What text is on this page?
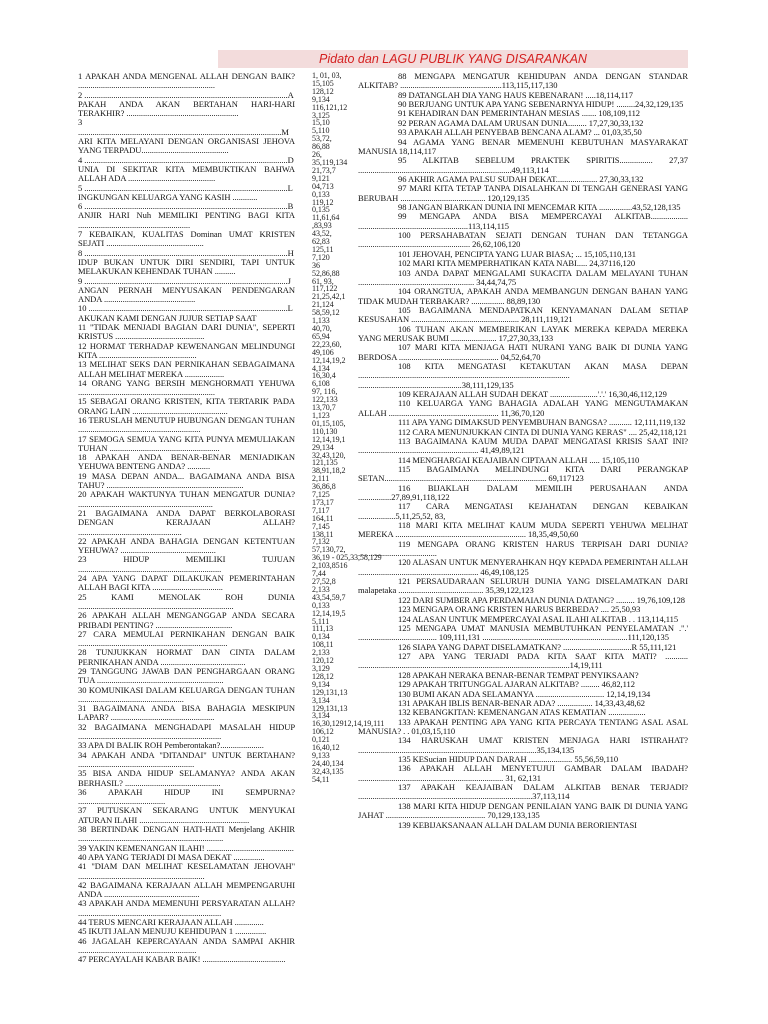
Pidato dan LAGU PUBLIK YANG DISARANKAN
1 APAKAH ANDA MENGENAL ALLAH DENGAN BAIK? ..................................................................
2 ..................................................................................................A
PAKAH ANDA AKAN BERTAHAN HARI-HARI TERAKHIR? ......................................................
3 ..................................................................................................M
ARI KITA MELAYANI DENGAN ORGANISASI JEHOVA YANG TERPADU..........................................
4 ..................................................................................................D
UNIA DI SEKITAR KITA MEMBUKTIKAN BAHWA ALLAH ADA ..........................................
5 ..................................................................................................L
INGKUNGAN KELUARGA YANG KASIH ............
6 ..................................................................................................B
ANJIR HARI Nuh MEMILIKI PENTING BAGI KITA ......................................................
7 KEBAIKAN, KUALITAS Dominan UMAT KRISTEN SEJATI ...............................................
8 ..................................................................................................H
IDUP BUKAN UNTUK DIRI SENDIRI, TAPI UNTUK MELAKUKAN KEHENDAK TUHAN ..........
9 ..................................................................................................J
ANGAN PERNAH MENYUSAKAN PENDENGARAN ANDA ............................................
10 ................................................................................................L
AKUKAN KAMI DENGAN JUJUR SETIAP SAAT
11 "TIDAK MENJADI BAGIAN DARI DUNIA", SEPERTI KRISTUS ...........................................
12 HORMAT TERHADAP KEWENANGAN MELINDUNGI KITA ...............................................
13 MELIHAT SEKS DAN PERNIKAHAN SEBAGAIMANA ALLAH MELIHAT MEREKA ...................
14 ORANG YANG BERSIH MENGHORMATI YEHUWA ..................................................................
15 SEBAGAI ORANG KRISTEN, KITA TERTARIK PADA ORANG LAIN ..............................................
16 TERUSLAH MENUTUP HUBUNGAN DENGAN TUHAN ...........................................................
17 SEMOGA SEMUA YANG KITA PUNYA MEMULIAKAN TUHAN .....................................................
18 APAKAH ANDA BENAR-BENAR MENJADIKAN YEHUWA BENTENG ANDA? ...........
19 MASA DEPAN ANDA... BAGAIMANA ANDA BISA TAHU? ..................................................................
20 APAKAH WAKTUNYA TUHAN MENGATUR DUNIA? .................................................................
21 BAGAIMANA ANDA DAPAT BERKOLABORASI DENGAN KERAJAAN ALLAH? ..................................................
22 APAKAH ANDA BAHAGIA DENGAN KETENTUAN YEHUWA? ..............................................
23 HIDUP MEMILIKI TUJUAN .....................................................................
24 APA YANG DAPAT DILAKUKAN PEMERINTAHAN ALLAH BAGI KITA ..................................
25 KAMI MENOLAK ROH DUNIA ...........................................................................
26 APAKAH ALLAH MENGANGGAP ANDA SECARA PRIBADI PENTING? .....................................
27 CARA MEMULAI PERNIKAHAN DENGAN BAIK ........................................................................
28 TUNJUKKAN HORMAT DAN CINTA DALAM PERNIKAHAN ANDA .........................................
29 TANGGUNG JAWAB DAN PENGHARGAAN ORANG TUA .............................................................
30 KOMUNIKASI DALAM KELUARGA DENGAN TUHAN ...................................................
31 BAGAIMANA ANDA BISA BAHAGIA MESKIPUN LAPAR? ..................................................
32 BAGAIMANA MENGHADAPI MASALAH HIDUP .....................................................................
33 APA DI BALIK ROH Pemberontakan?.....................
34 APAKAH ANDA "DITANDAI" UNTUK BERTAHAN? ........................................................
35 BISA ANDA HIDUP SELAMANYA? ANDA AKAN BERHASIL? ..............................................
36 APAKAH HIDUP INI SEMPURNA? ..........................................
37 PUTUSKAN SEKARANG UNTUK MENYUKAI ATURAN ILAHI .....................................................
38 BERTINDAK DENGAN HATI-HATI Menjelang AKHIR ......................................................................
39 YAKIN KEMENANGAN ILAHI! ..........................................
40 APA YANG TERJADI DI MASA DEKAT ...............
41 "DIAM DAN MELIHAT KESELAMATAN JEHOVAH" .............................................................
42 BAGAIMANA KERAJAAN ALLAH MEMPENGARUHI ANDA ..............................................
43 APAKAH ANDA MEMENUHI PERSYARATAN ALLAH? .....................................................................
44 TERUS MENCARI KERAJAAN ALLAH ..............
45 IKUTI JALAN MENUJU KEHIDUPAN 1 ...............
46 JAGALAH KEPERCAYAAN ANDA SAMPAI AKHIR .........................................................
47 PERCAYALAH KABAR BAIK! ........................................
1, 01, 03,
15,105
128,12
9,134
116,121,12
3,125
15,10
5,110
53,72,
86,88
26,
35,119,134
21,73,7
9,121
04,713
0,133
119,12
0,135
11,61,64
,83,93
43,52,
62,83
125,11
7,120
36
52,86,88
61, 93,
117,122
21,25,42,1
21,124
58,59,12
1,133
40,70,
65,94
22,23,60,
49,106
12,14,19,2
4,134
16,30,4
6,108
97, 116,
122,133
13,70,7
1,123
01,15,105,
110,130
12,14,19,1
29,134
32,43,120,
121,135
38,91,18,2
2,111
36,86,8
7,125
173,17
7,117
164,11
7,145
138,11
7,132
57,130,72,
36,19 - 025,33,58,129
2,103,8516
7,44
27,52,8
2,133
43,54,59,7
0,133
12,14,19,5
5,111
111,13
0,134
108,11
2,133
120,12
3,129
128,12
9,134
129,131,13
3,134
129,131,13
3,134
16,30,12912,14,19,111
106,12
0,121
16,40,12
9,133
24,40,134
32,43,135
54,11
88 MENGAPA MENGATUR KEHIDUPAN ANDA DENGAN STANDAR ALKITAB? .................................................113,115,117,130
89 DATANGLAH DIA YANG HAUS KEBENARAN! .....18,114,117
90 BERJUANG UNTUK APA YANG SEBENARNYA HIDUP! .........24,32,129,135
91 KEHADIRAN DAN PEMERINTAHAN MESIAS ....... 108,109,112
92 PERAN AGAMA DALAM URUSAN DUNIA......... 17,27,30,33,132
93 APAKAH ALLAH PENYEBAB BENCANA ALAM? ... 01,03,35,50
94 AGAMA YANG BENAR MEMENUHI KEBUTUHAN MASYARAKAT MANUSIA 18,114,117
95 ALKITAB SEBELUM PRAKTEK SPIRITIS................ 27,37 ..........................................................................49,113,114
96 AKHIR AGAMA PALSU SUDAH DEKAT.................... 27,30,33,132
97 MARI KITA TETAP TANPA DISALAHKAN DI TENGAH GENERASI YANG BERUBAH ......................................... 120,129,135
98 JANGAN BIARKAN DUNIA INI MENCEMAR KITA ................43,52,128,135
99 MENGAPA ANDA BISA MEMPERCAYAI ALKITAB.................. .....................................................113,114,115
100 PERSAHABATAN SEJATI DENGAN TUHAN DAN TETANGGA ...................................................... 26,62,106,120
101 JEHOVAH, PENCIPTA YANG LUAR BIASA; ... 15,105,110,131
102 MARI KITA MEMPERHATIKAN KATA NABI..... 24,37116,120
103 ANDA DAPAT MENGALAMI SUKACITA DALAM MELAYANI TUHAN ........................................................ 34,44,74,75
104 ORANGTUA, APAKAH ANDA MEMBANGUN DENGAN BAHAN YANG TIDAK MUDAH TERBAKAR? ................ 88,89,130
105 BAGAIMANA MENDAPATKAN KENYAMANAN DALAM SETIAP KESUSAHAN .................................................... 28,111,119,121
106 TUHAN AKAN MEMBERIKAN LAYAK MEREKA KEPADA MEREKA YANG MERUSAK BUMI ...................... 17,27,30,33,133
107 MARI KITA MENJAGA HATI NURANI YANG BAIK DI DUNIA YANG BERDOSA ................................................ 04,52,64,70
108 KITA MENGATASI KETAKUTAN AKAN MASA DEPAN ...................................................................................................... ..................................................38,111,129,135
109 KERAJAAN ALLAH SUDAH DEKAT .......................'.'.' 16,30,46,112,129
110 KELUARGA YANG BAHAGIA ADALAH YANG MENGUTAMAKAN ALLAH ..................................................... 11,36,70,120
111 APA YANG DIMAKSUD PENYEMBUHAN BANGSA? ........... 12,111,119,132
112 CARA MENUNJUKKAN CINTA DI DUNIA YANG KERAS" .... 25,42,118,121
113 BAGAIMANA KAUM MUDA DAPAT MENGATASI KRISIS SAAT INI? .......................................................... 41,49,89,121
114 MENGHARGAI KEAJAIBAN CIPTAAN ALLAH ..... 15,105,110
115 BAGAIMANA MELINDUNGI KITA DARI PERANGKAP SETAN.............................................................................. 69,117123
116 BIJAKLAH DALAM MEMILIH PERUSAHAAN ANDA ................27,89,91,118,122
117 CARA MENGATASI KEJAHATAN DENGAN KEBAIKAN ..................5,11,25,52, 83,
118 MARI KITA MELIHAT KAUM MUDA SEPERTI YEHUWA MELIHAT MEREKA ............................................................... 18,35,49,50,60
119 MENGAPA ORANG KRISTEN HARUS TERPISAH DARI DUNIA? ......................................
120 ALASAN UNTUK MENYERAHKAN HQY KEPADA PEMERINTAH ALLAH .......................................................... 46,49,108,125
121 PERSAUDARAAN SELURUH DUNIA YANG DISELAMATKAN DARI malapetaka ......................................... 35,39,122,123
122 DARI SUMBER APA PERDAMAIAN DUNIA DATANG? ......... 19,76,109,128
123 MENGAPA ORANG KRISTEN HARUS BERBEDA? .... 25,50,93
124 ALASAN UNTUK MEMPERCAYAI ASAL ILAHI ALKITAB . . 113,114,115
125 MENGAPA UMAT MANUSIA MEMBUTUHKAN PENYELAMATAN .".' ...................................... 109,111,131 ......................................................................111,120,135
126 SIAPA YANG DAPAT DISELAMATKAN? .................................R 55,111,121
127 APA YANG TERJADI PADA KITA SAAT KITA MATI? ........... ......................................................................................................14,19,111
128 APAKAH NERAKA BENAR-BENAR TEMPAT PENYIKSAAN?
129 APAKAH TRITUNGGAL AJARAN ALKITAB? ......... 46,82,112
130 BUMI AKAN ADA SELAMANYA ................................. 12,14,19,134
131 APAKAH IBLIS BENAR-BENAR ADA? ................. 14,33,43,48,62
132 KEBANGKITAN: KEMENANGAN ATAS KEMATIAN ..................
133 APAKAH PENTING APA YANG KITA PERCAYA TENTANG ASAL ASAL MANUSIA? . . 01,03,15,110
134 HARUSKAH UMAT KRISTEN MENJAGA HARI ISTIRAHAT? ......................................................................................35,134,135
135 KESucian HIDUP DAN DARAH ..................... 55,56,59,110
136 APAKAH ALLAH MENYETUJUI GAMBAR DALAM IBADAH? ...................................................................... 31, 62,131
137 APAKAH KEAJAIBAN DALAM ALKITAB BENAR TERJADI? ....................................................................................37,113,114
138 MARI KITA HIDUP DENGAN PENILAIAN YANG BAIK DI DUNIA YANG JAHAT ................................................ 70,129,133,135
139 KEBIJAKSANAAN ALLAH DALAM DUNIA BERORIENTASI
